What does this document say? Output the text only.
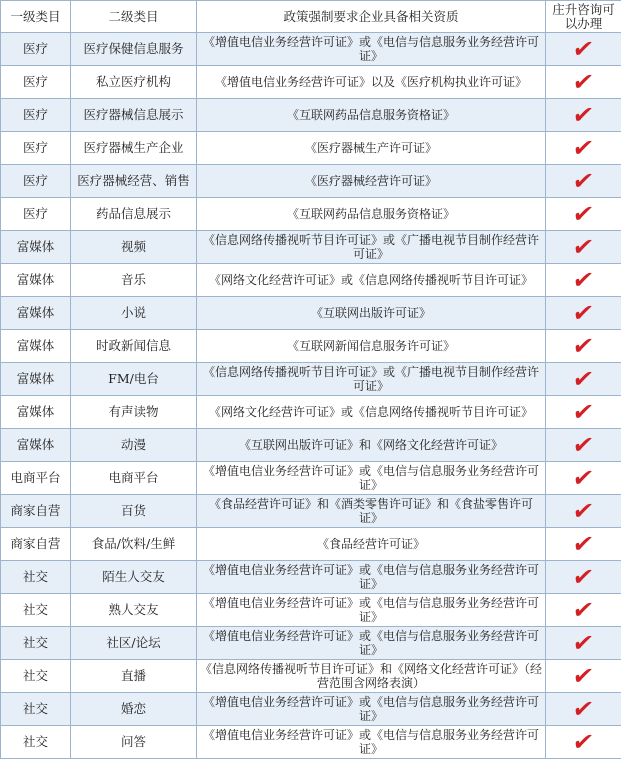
一级类目	二级类目	政策强制要求企业具备相关资质	庄升咨询可以办理
医疗	医疗保健信息服务	《增值电信业务经营许可证》或《电信与信息服务业务经营许可证》	✔
医疗	私立医疗机构	《增值电信业务经营许可证》以及《医疗机构执业许可证》	✔
医疗	医疗器械信息展示	《互联网药品信息服务资格证》	✔
医疗	医疗器械生产企业	《医疗器械生产许可证》	✔
医疗	医疗器械经营、销售	《医疗器械经营许可证》	✔
医疗	药品信息展示	《互联网药品信息服务资格证》	✔
富媒体	视频	《信息网络传播视听节目许可证》或《广播电视节目制作经营许可证》	✔
富媒体	音乐	《网络文化经营许可证》或《信息网络传播视听节目许可证》	✔
富媒体	小说	《互联网出版许可证》	✔
富媒体	时政新闻信息	《互联网新闻信息服务许可证》	✔
富媒体	FM/电台	《信息网络传播视听节目许可证》或《广播电视节目制作经营许可证》	✔
富媒体	有声读物	《网络文化经营许可证》或《信息网络传播视听节目许可证》	✔
富媒体	动漫	《互联网出版许可证》和《网络文化经营许可证》	✔
电商平台	电商平台	《增值电信业务经营许可证》或《电信与信息服务业务经营许可证》	✔
商家自营	百货	《食品经营许可证》和《酒类零售许可证》和《食盐零售许可证》	✔
商家自营	食品/饮料/生鲜	《食品经营许可证》	✔
社交	陌生人交友	《增值电信业务经营许可证》或《电信与信息服务业务经营许可证》	✔
社交	熟人交友	《增值电信业务经营许可证》或《电信与信息服务业务经营许可证》	✔
社交	社区/论坛	《增值电信业务经营许可证》或《电信与信息服务业务经营许可证》	✔
社交	直播	《信息网络传播视听节目许可证》和《网络文化经营许可证》（经营范围含网络表演）	✔
社交	婚恋	《增值电信业务经营许可证》或《电信与信息服务业务经营许可证》	✔
社交	问答	《增值电信业务经营许可证》或《电信与信息服务业务经营许可证》	✔
